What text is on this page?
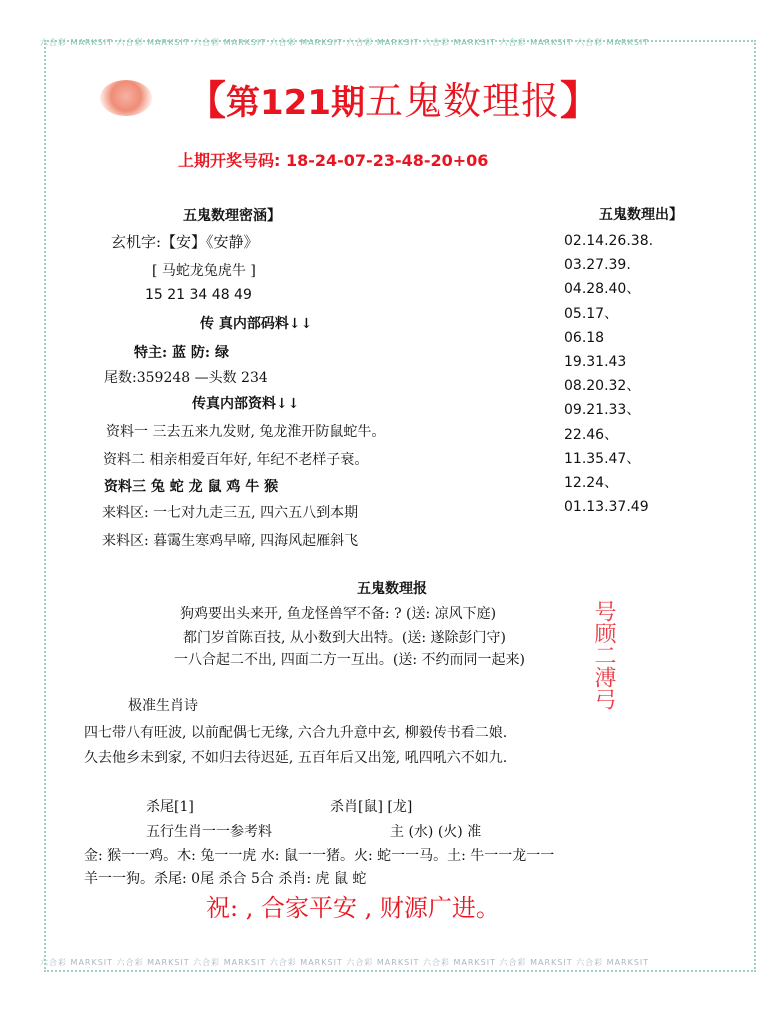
六合彩 MARKSIT 六合彩 MARKSIT 六合彩 MARKSIT 六合彩 MARKSIT 六合彩 MARKSIT 六合彩 MARKSIT 六合彩 MARKSIT 六合彩 MARKSIT
六合彩 MARKSIT 六合彩 MARKSIT 六合彩 MARKSIT 六合彩 MARKSIT 六合彩 MARKSIT 六合彩 MARKSIT 六合彩 MARKSIT 六合彩 MARKSIT
【第121期五鬼数理报】
上期开奖号码: 18-24-07-23-48-20+06
五鬼数理密涵】
玄机字:【安】《安静》
[ 马蛇龙兔虎牛 ]
15 21 34 48 49
传 真内部码料↓↓
特主: 蓝 防: 绿
尾数:359248 —头数 234
传真内部资料↓↓
资料一 三去五来九发财, 兔龙淮开防鼠蛇牛。
资料二 相亲相爱百年好, 年纪不老样子衰。
资料三 兔 蛇 龙 鼠 鸡 牛 猴
来料区: 一七对九走三五, 四六五八到本期
来料区: 暮霭生寒鸡早啼, 四海风起雁斜飞
五鬼数理出】
02.14.26.38.
03.27.39.
04.28.40、
05.17、
06.18
19.31.43
08.20.32、
09.21.33、
22.46、
11.35.47、
12.24、
01.13.37.49
五鬼数理报
狗鸡要出头来开, 鱼龙怪兽罕不备: ? (送: 凉风下庭)
都门岁首陈百技, 从小数到大出特。(送: 遂除彭门守)
一八合起二不出, 四面二方一互出。(送: 不约而同一起来)
极准生肖诗
四七带八有旺波, 以前配偶七无缘, 六合九升意中玄, 柳毅传书看二娘.
久去他乡未到家, 不如归去待迟延, 五百年后又出笼, 吼四吼六不如九.
杀尾[1]	杀肖[鼠] [龙]
五行生肖一一参考料	主 (水) (火) 准
金: 猴一一鸡。木: 兔一一虎 水: 鼠一一猪。火: 蛇一一马。土: 牛一一龙一一
羊一一狗。杀尾: 0尾 杀合 5合 杀肖: 虎 鼠 蛇
祝: , 合家平安 , 财源广进。
号顾二溥弓
